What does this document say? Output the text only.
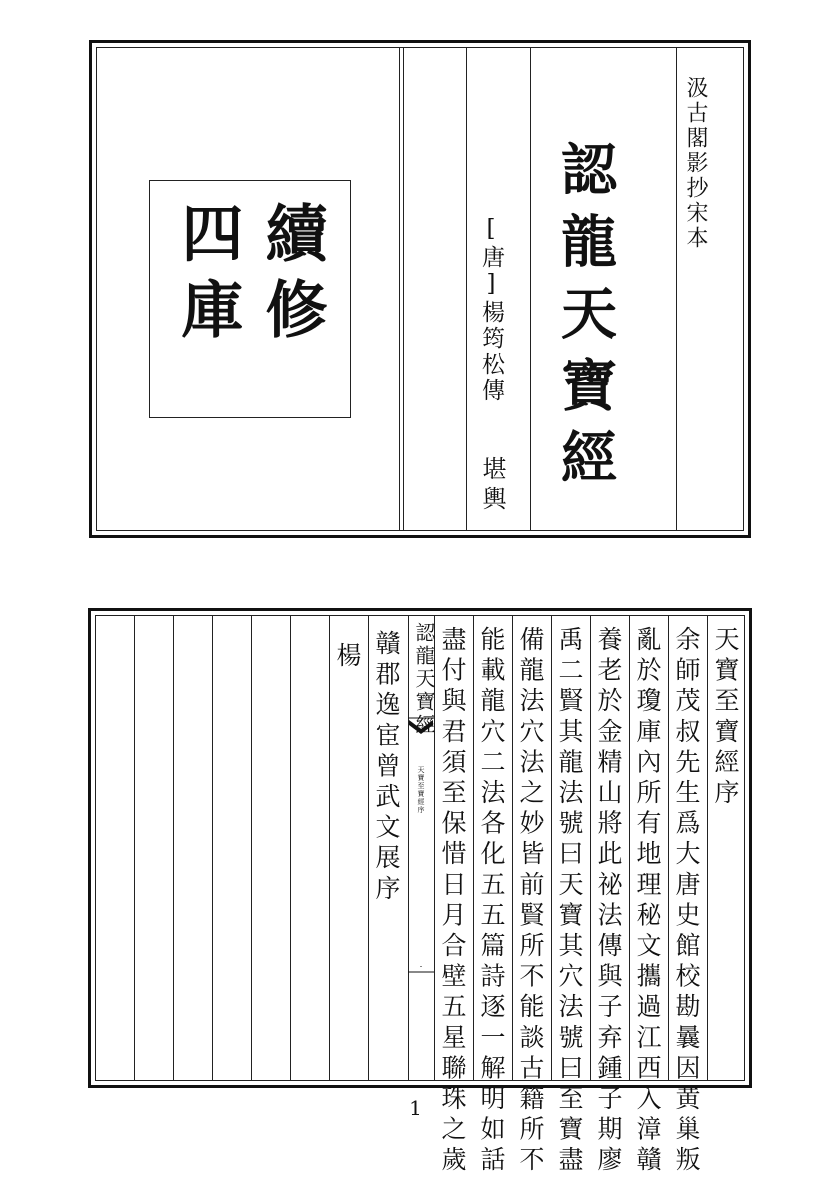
汲古閣影抄宋本
認龍天寶經
[唐]楊筠松傳
堪輿
續修
四庫
天寶至寶經序
余師茂叔先生爲大唐史館校勘曩因黄巢叛
亂於瓊庫內所有地理秘文攜過江西入漳贛
養老於金精山將此祕法傳與子弃鍾子期廖
禹二賢其龍法號曰天寶其穴法號曰至寶盡
備龍法穴法之妙皆前賢所不能談古籍所不
能載龍穴二法各化五五篇詩逐一解明如話
盡付與君須至保惜日月合壁五星聯珠之歲
贛郡逸宦曾武文展序
楊	認龍天寶經
天寶至寶經序
1
